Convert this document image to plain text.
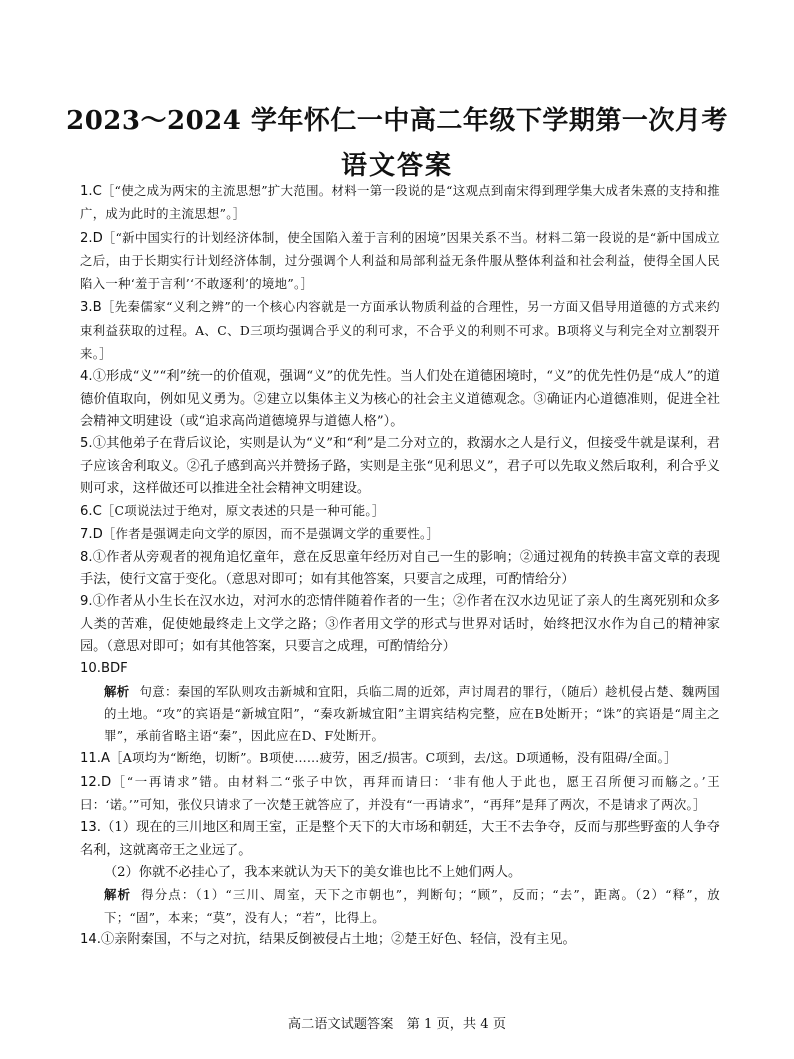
2023～2024 学年怀仁一中高二年级下学期第一次月考
语文答案
1.C［“使之成为两宋的主流思想”扩大范围。材料一第一段说的是“这观点到南宋得到理学集大成者朱熹的支持和推广，成为此时的主流思想”。］
2.D［“新中国实行的计划经济体制，使全国陷入羞于言利的困境”因果关系不当。材料二第一段说的是“新中国成立之后，由于长期实行计划经济体制，过分强调个人利益和局部利益无条件服从整体利益和社会利益，使得全国人民陷入一种‘羞于言利’‘不敢逐利’的境地”。］
3.B［先秦儒家“义利之辨”的一个核心内容就是一方面承认物质利益的合理性，另一方面又倡导用道德的方式来约束利益获取的过程。A、C、D三项均强调合乎义的利可求，不合乎义的利则不可求。B项将义与利完全对立割裂开来。］
4.①形成“义”“利”统一的价值观，强调“义”的优先性。当人们处在道德困境时，“义”的优先性仍是“成人”的道德价值取向，例如见义勇为。②建立以集体主义为核心的社会主义道德观念。③确证内心道德准则，促进全社会精神文明建设（或“追求高尚道德境界与道德人格”）。
5.①其他弟子在背后议论，实则是认为“义”和“利”是二分对立的，救溺水之人是行义，但接受牛就是谋利，君子应该舍利取义。②孔子感到高兴并赞扬子路，实则是主张“见利思义”，君子可以先取义然后取利，利合乎义则可求，这样做还可以推进全社会精神文明建设。
6.C［C项说法过于绝对，原文表述的只是一种可能。］
7.D［作者是强调走向文学的原因，而不是强调文学的重要性。］
8.①作者从旁观者的视角追忆童年，意在反思童年经历对自己一生的影响；②通过视角的转换丰富文章的表现手法，使行文富于变化。（意思对即可；如有其他答案，只要言之成理，可酌情给分）
9.①作者从小生长在汉水边，对河水的恋情伴随着作者的一生；②作者在汉水边见证了亲人的生离死别和众多人类的苦难，促使她最终走上文学之路；③作者用文学的形式与世界对话时，始终把汉水作为自己的精神家园。（意思对即可；如有其他答案，只要言之成理，可酌情给分）
10.BDF
解析 句意：秦国的军队则攻击新城和宜阳，兵临二周的近郊，声讨周君的罪行，（随后）趁机侵占楚、魏两国的土地。“攻”的宾语是“新城宜阳”，“秦攻新城宜阳”主谓宾结构完整，应在B处断开；“诛”的宾语是“周主之罪”，承前省略主语“秦”，因此应在D、F处断开。
11.A［A项均为“断绝，切断”。B项使……疲劳，困乏/损害。C项到，去/这。D项通畅，没有阻碍/全面。］
12.D［“一再请求”错。由材料二“张子中饮，再拜而请曰：‘非有他人于此也，愿王召所便习而觞之。’王曰：‘诺。’”可知，张仪只请求了一次楚王就答应了，并没有“一再请求”，“再拜”是拜了两次，不是请求了两次。］
13.（1）现在的三川地区和周王室，正是整个天下的大市场和朝廷，大王不去争夺，反而与那些野蛮的人争夺名利，这就离帝王之业远了。
（2）你就不必挂心了，我本来就认为天下的美女谁也比不上她们两人。
解析 得分点：（1）“三川、周室，天下之市朝也”，判断句；“顾”，反而；“去”，距离。（2）“释”，放下；“固”，本来；“莫”，没有人；“若”，比得上。
14.①亲附秦国，不与之对抗，结果反倒被侵占土地；②楚王好色、轻信，没有主见。
高二语文试题答案　第 1 页，共 4 页
